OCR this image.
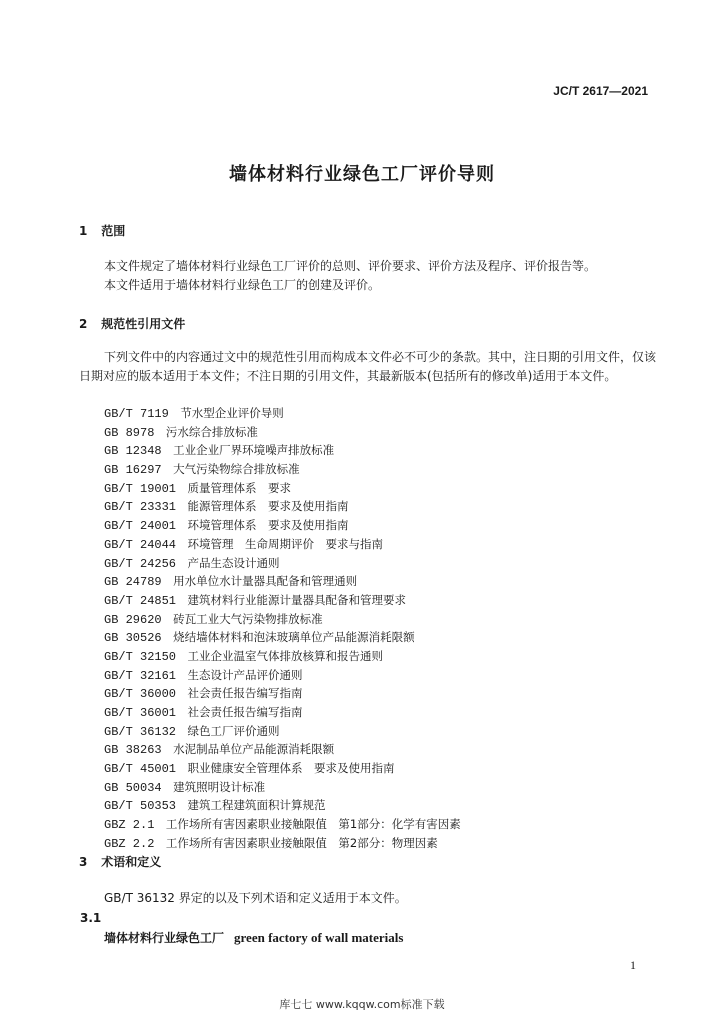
JC/T 2617—2021
墙体材料行业绿色工厂评价导则
1 范围
本文件规定了墙体材料行业绿色工厂评价的总则、评价要求、评价方法及程序、评价报告等。
本文件适用于墙体材料行业绿色工厂的创建及评价。
2 规范性引用文件
下列文件中的内容通过文中的规范性引用而构成本文件必不可少的条款。其中，注日期的引用文件，仅该日期对应的版本适用于本文件；不注日期的引用文件，其最新版本(包括所有的修改单)适用于本文件。
GB/T 7119　 节水型企业评价导则
GB 8978　 污水综合排放标准
GB 12348　 工业企业厂界环境噪声排放标准
GB 16297　 大气污染物综合排放标准
GB/T 19001　 质量管理体系　要求
GB/T 23331　 能源管理体系　要求及使用指南
GB/T 24001　 环境管理体系　要求及使用指南
GB/T 24044　 环境管理　生命周期评价　要求与指南
GB/T 24256　 产品生态设计通则
GB 24789　 用水单位水计量器具配备和管理通则
GB/T 24851　 建筑材料行业能源计量器具配备和管理要求
GB 29620　 砖瓦工业大气污染物排放标准
GB 30526　 烧结墙体材料和泡沫玻璃单位产品能源消耗限额
GB/T 32150　 工业企业温室气体排放核算和报告通则
GB/T 32161　 生态设计产品评价通则
GB/T 36000　 社会责任报告编写指南
GB/T 36001　 社会责任报告编写指南
GB/T 36132　 绿色工厂评价通则
GB 38263　 水泥制品单位产品能源消耗限额
GB/T 45001　 职业健康安全管理体系　要求及使用指南
GB 50034　 建筑照明设计标准
GB/T 50353　 建筑工程建筑面积计算规范
GBZ 2.1　 工作场所有害因素职业接触限值　第1部分：化学有害因素
GBZ 2.2　 工作场所有害因素职业接触限值　第2部分：物理因素
3 术语和定义
GB/T 36132 界定的以及下列术语和定义适用于本文件。
3.1
墙体材料行业绿色工厂 green factory of wall materials
1
库七七 www.kqqw.com标准下载
